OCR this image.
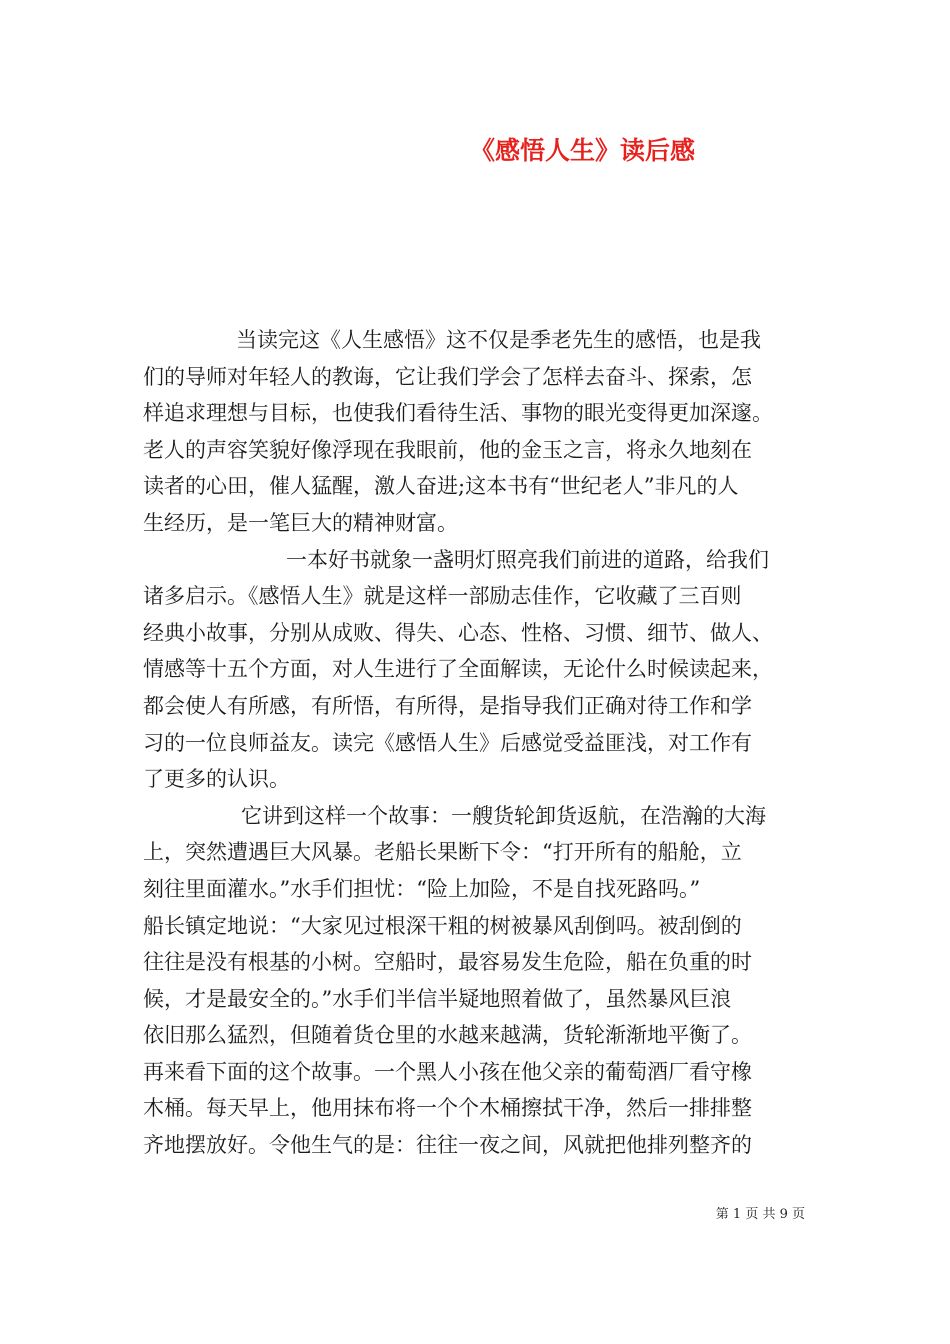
《感悟人生》读后感
当读完这《人生感悟》这不仅是季老先生的感悟，也是我
们的导师对年轻人的教诲，它让我们学会了怎样去奋斗、探索，怎
样追求理想与目标，也使我们看待生活、事物的眼光变得更加深邃。
老人的声容笑貌好像浮现在我眼前，他的金玉之言，将永久地刻在
读者的心田，催人猛醒，激人奋进;这本书有“世纪老人”非凡的人
生经历，是一笔巨大的精神财富。
一本好书就象一盏明灯照亮我们前进的道路，给我们
诸多启示。《感悟人生》就是这样一部励志佳作，它收藏了三百则
经典小故事，分别从成败、得失、心态、性格、习惯、细节、做人、
情感等十五个方面，对人生进行了全面解读，无论什么时候读起来，
都会使人有所感，有所悟，有所得，是指导我们正确对待工作和学
习的一位良师益友。读完《感悟人生》后感觉受益匪浅，对工作有
了更多的认识。
它讲到这样一个故事：一艘货轮卸货返航，在浩瀚的大海
上，突然遭遇巨大风暴。老船长果断下令：“打开所有的船舱，立
刻往里面灌水。”水手们担忧：“险上加险，不是自找死路吗。”
船长镇定地说：“大家见过根深干粗的树被暴风刮倒吗。被刮倒的
往往是没有根基的小树。空船时，最容易发生危险，船在负重的时
候，才是最安全的。”水手们半信半疑地照着做了，虽然暴风巨浪
依旧那么猛烈，但随着货仓里的水越来越满，货轮渐渐地平衡了。
再来看下面的这个故事。一个黑人小孩在他父亲的葡萄酒厂看守橡
木桶。每天早上，他用抹布将一个个木桶擦拭干净，然后一排排整
齐地摆放好。令他生气的是：往往一夜之间，风就把他排列整齐的
第 1 页 共 9 页
